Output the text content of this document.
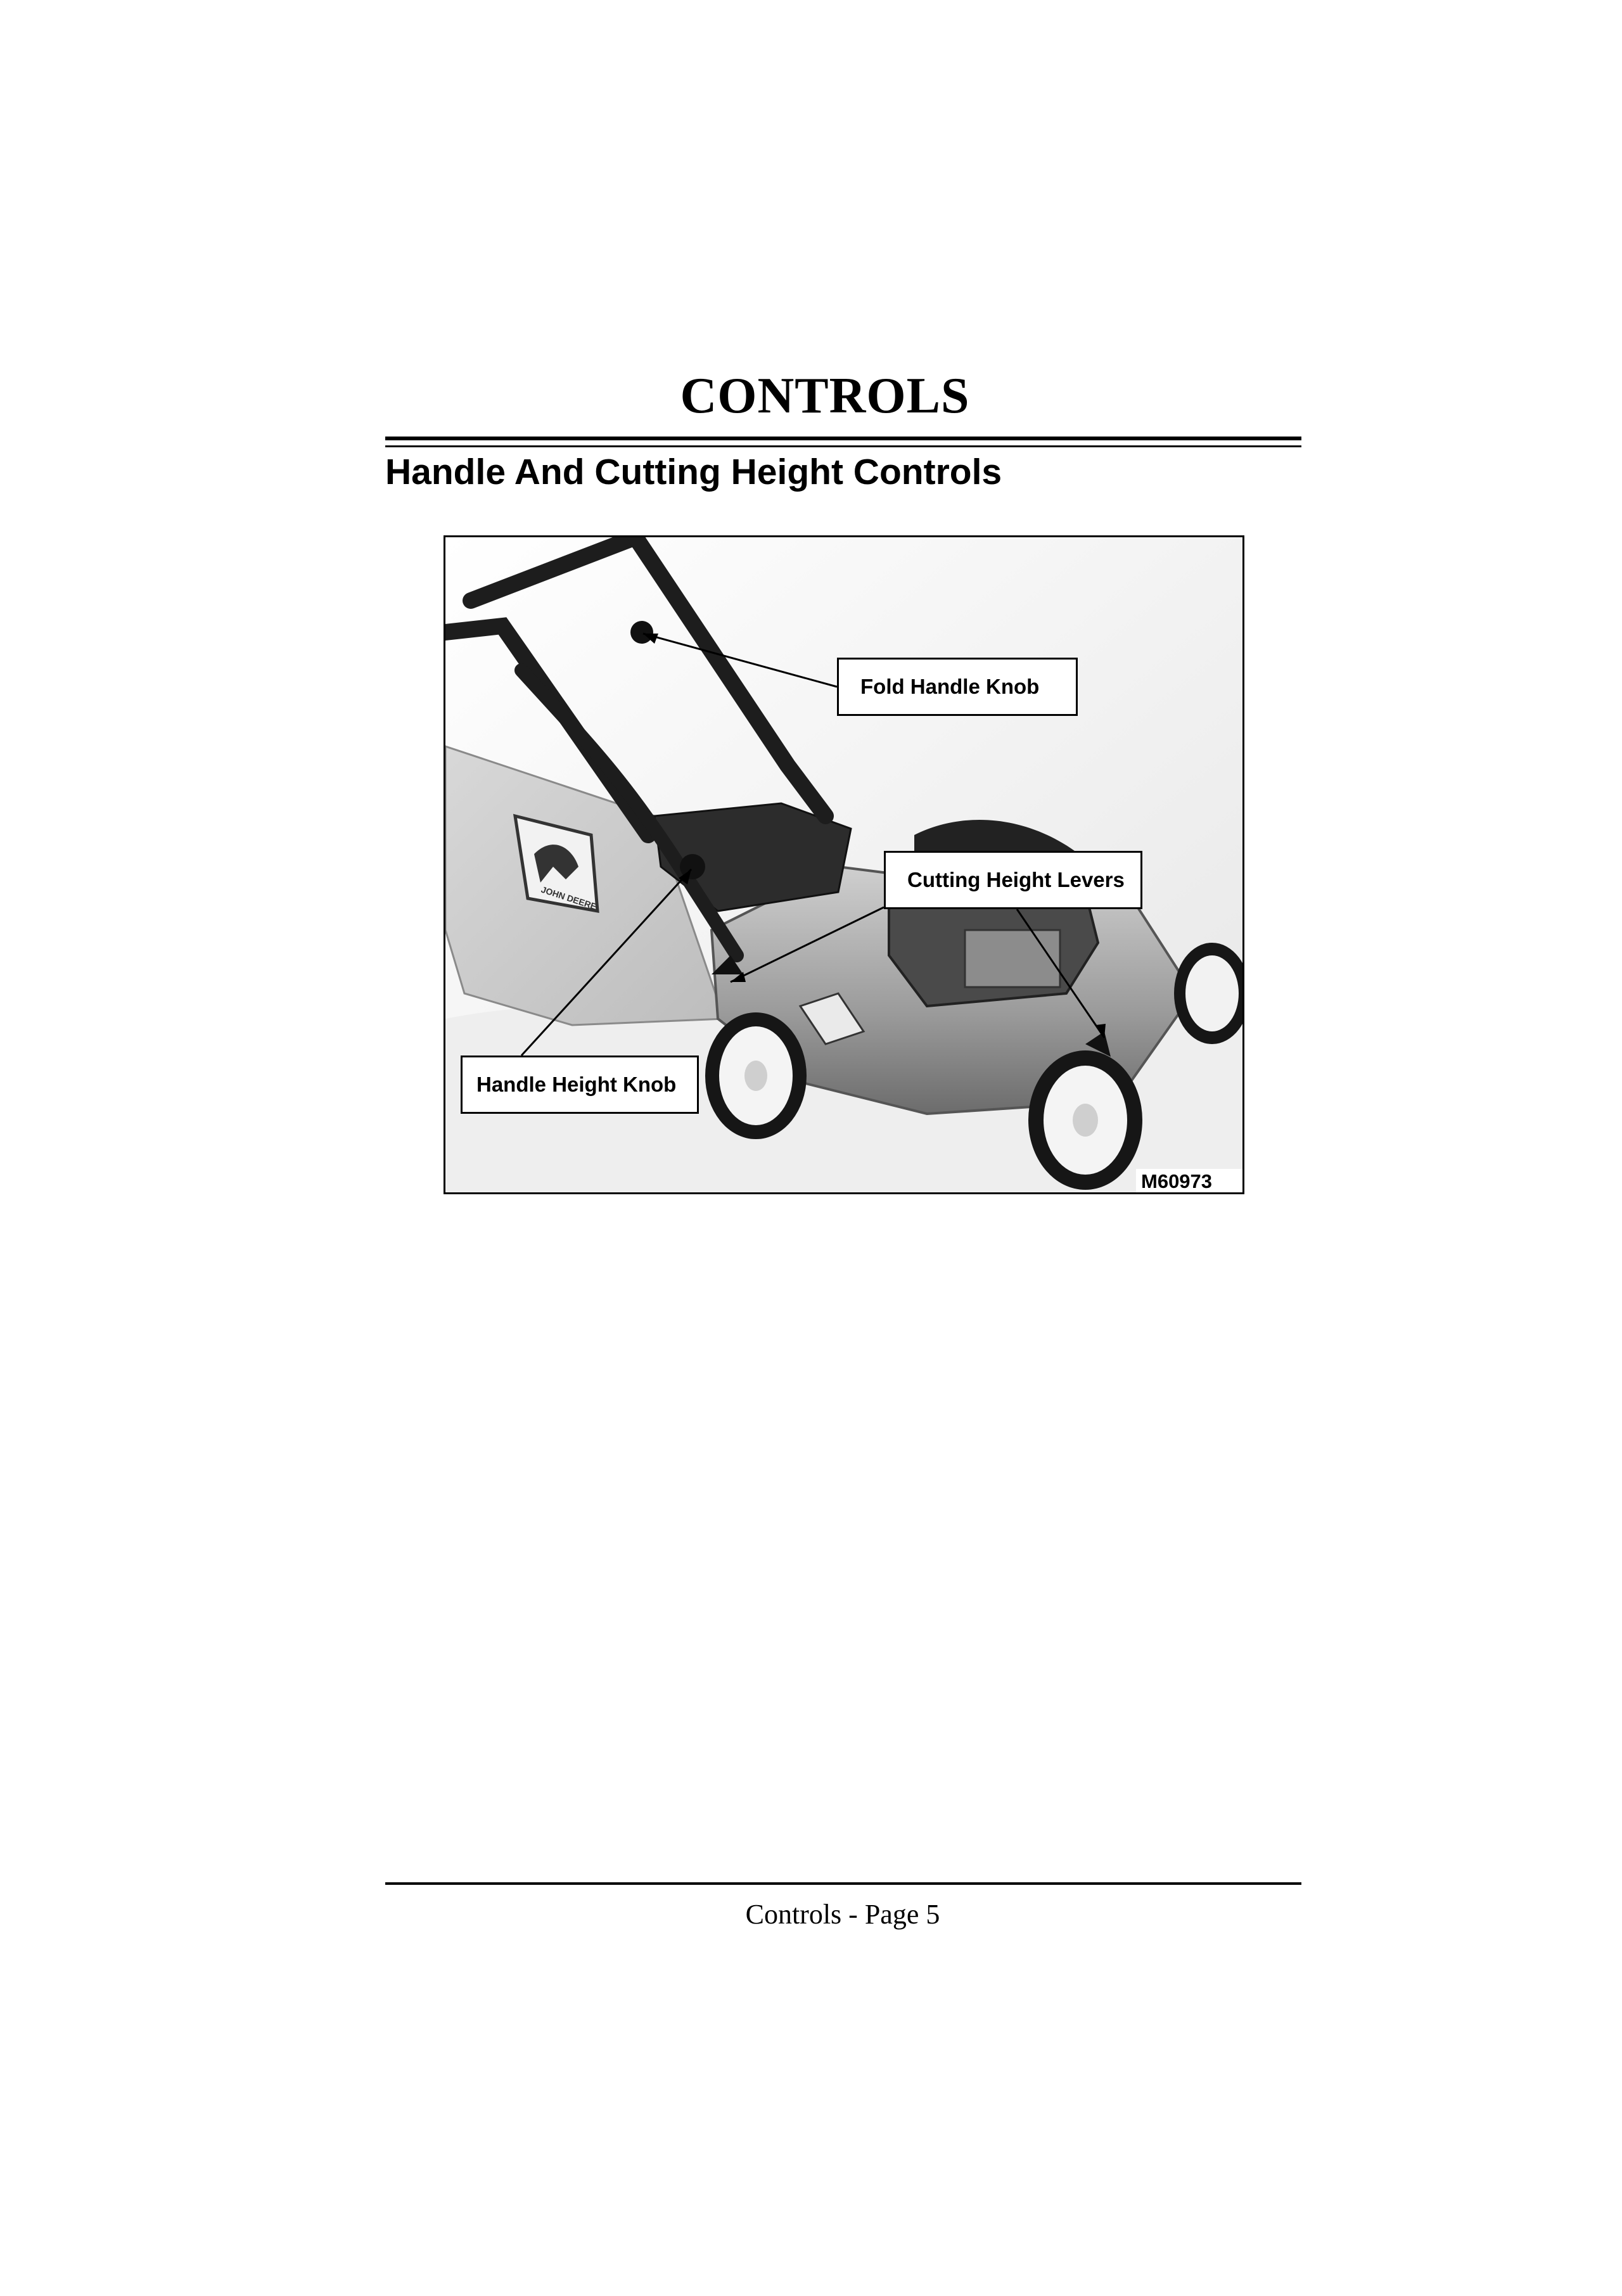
CONTROLS
Handle And Cutting Height Controls
JOHN DEERE
Fold Handle Knob
Cutting Height Levers
Handle Height Knob
M60973
Controls - Page 5
